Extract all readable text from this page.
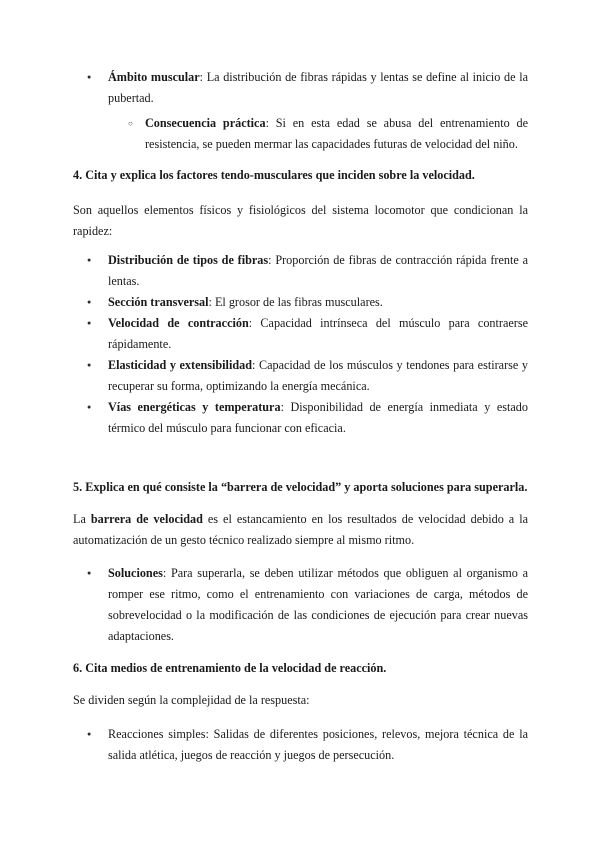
● Ámbito muscular: La distribución de fibras rápidas y lentas se define al inicio de la pubertad.
○ Consecuencia práctica: Si en esta edad se abusa del entrenamiento de resistencia, se pueden mermar las capacidades futuras de velocidad del niño.
4. Cita y explica los factores tendo-musculares que inciden sobre la velocidad.

Son aquellos elementos físicos y fisiológicos del sistema locomotor que condicionan la rapidez:

● Distribución de tipos de fibras: Proporción de fibras de contracción rápida frente a lentas.
● Sección transversal: El grosor de las fibras musculares.
● Velocidad de contracción: Capacidad intrínseca del músculo para contraerse rápidamente.
● Elasticidad y extensibilidad: Capacidad de los músculos y tendones para estirarse y recuperar su forma, optimizando la energía mecánica.
● Vías energéticas y temperatura: Disponibilidad de energía inmediata y estado térmico del músculo para funcionar con eficacia.
5. Explica en qué consiste la “barrera de velocidad” y aporta soluciones para superarla.

La barrera de velocidad es el estancamiento en los resultados de velocidad debido a la automatización de un gesto técnico realizado siempre al mismo ritmo.

● Soluciones: Para superarla, se deben utilizar métodos que obliguen al organismo a romper ese ritmo, como el entrenamiento con variaciones de carga, métodos de sobrevelocidad o la modificación de las condiciones de ejecución para crear nuevas adaptaciones.
6. Cita medios de entrenamiento de la velocidad de reacción.

Se dividen según la complejidad de la respuesta:

● Reacciones simples: Salidas de diferentes posiciones, relevos, mejora técnica de la salida atlética, juegos de reacción y juegos de persecución.
